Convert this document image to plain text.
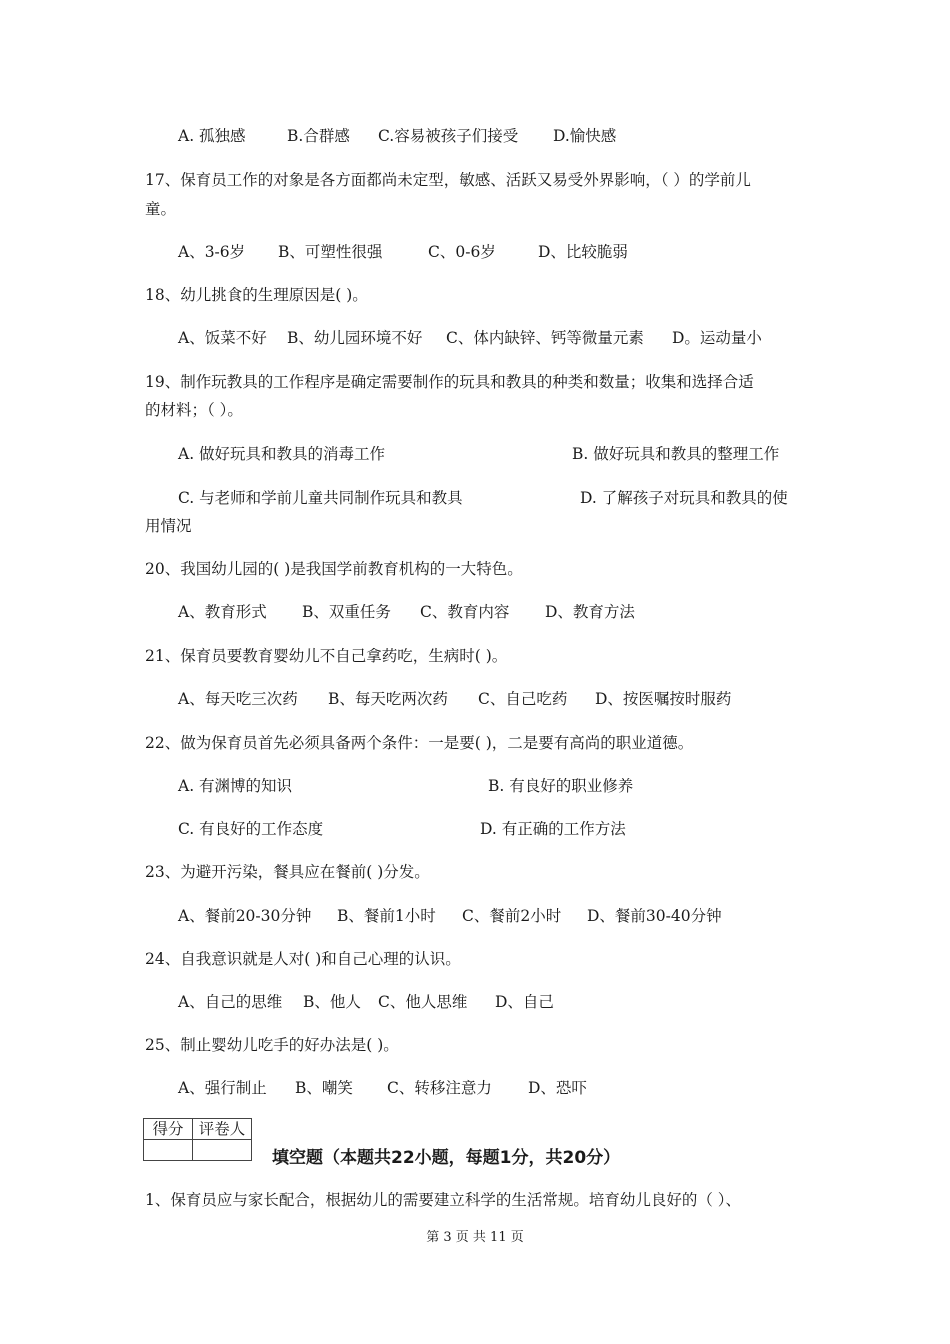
A. 孤独感	B.合群感 C.容易被孩子们接受 D.愉快感

17、保育员工作的对象是各方面都尚未定型，敏感、活跃又易受外界影响，（ ）的学前儿

童。

A、3-6岁 B、可塑性很强	C、0-6岁	D、比较脆弱

18、幼儿挑食的生理原因是( )。

A、饭菜不好 B、幼儿园环境不好 C、体内缺锌、钙等微量元素 D。运动量小

19、制作玩教具的工作程序是确定需要制作的玩具和教具的种类和数量；收集和选择合适

的材料；（ ）。

A. 做好玩具和教具的消毒工作	B. 做好玩具和教具的整理工作
C. 与老师和学前儿童共同制作玩具和教具	D. 了解孩子对玩具和教具的使

用情况

20、我国幼儿园的( )是我国学前教育机构的一大特色。

A、教育形式 B、双重任务 C、教育内容 D、教育方法

21、保育员要教育婴幼儿不自己拿药吃，生病时( )。

A、每天吃三次药 B、每天吃两次药 C、自己吃药 D、按医嘱按时服药

22、做为保育员首先必须具备两个条件：一是要( )，二是要有高尚的职业道德。

A. 有渊博的知识	B. 有良好的职业修养
C. 有良好的工作态度	D. 有正确的工作方法

23、为避开污染，餐具应在餐前( )分发。

A、餐前20-30分钟 B、餐前1小时 C、餐前2小时 D、餐前30-40分钟

24、自我意识就是人对( )和自己心理的认识。

A、自己的思维 B、他人 C、他人思维 D、自己

25、制止婴幼儿吃手的好办法是( )。

A、强行制止 B、嘲笑 C、转移注意力 D、恐吓
得分	评卷人

填空题（本题共22小题，每题1分，共20分）

1、保育员应与家长配合，根据幼儿的需要建立科学的生活常规。培育幼儿良好的（ ）、

第 3 页 共 11 页
